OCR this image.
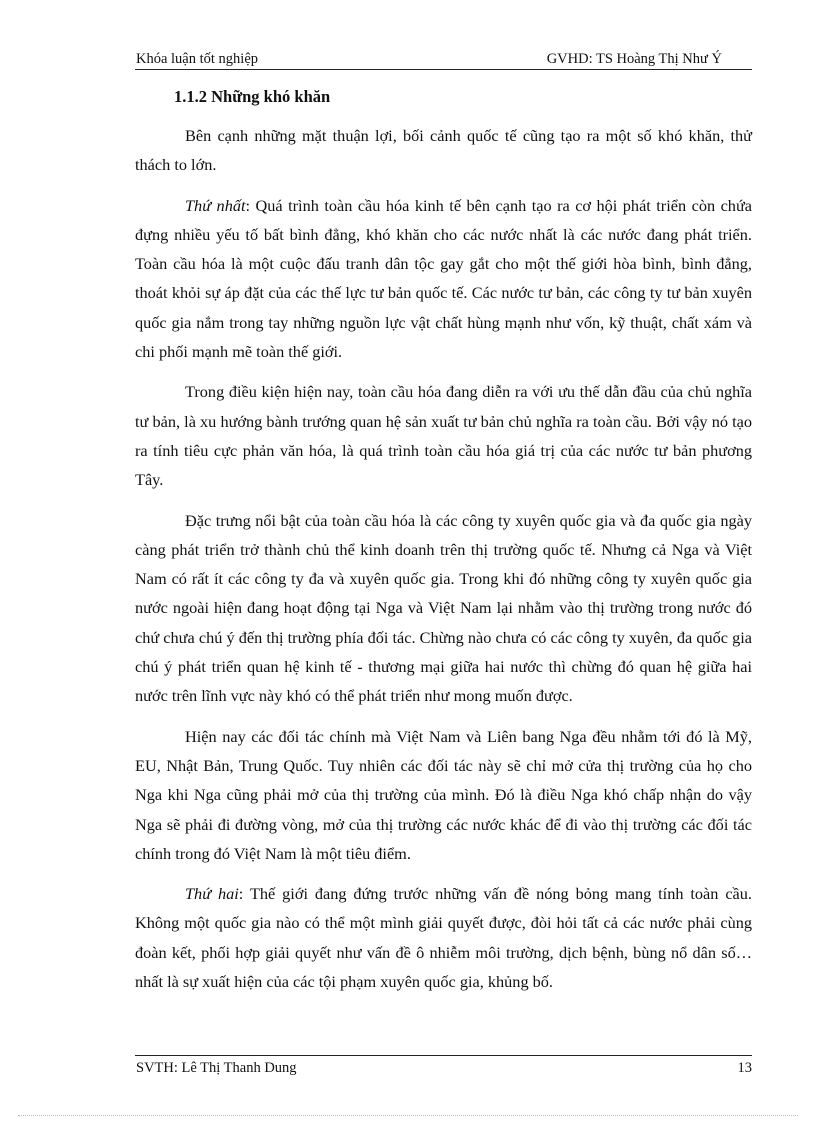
Khóa luận tốt nghiệp	GVHD: TS Hoàng Thị Như Ý
1.1.2 Những khó khăn

Bên cạnh những mặt thuận lợi, bối cảnh quốc tế cũng tạo ra một số khó khăn, thử thách to lớn.

Thứ nhất: Quá trình toàn cầu hóa kinh tế bên cạnh tạo ra cơ hội phát triển còn chứa đựng nhiều yếu tố bất bình đẳng, khó khăn cho các nước nhất là các nước đang phát triển. Toàn cầu hóa là một cuộc đấu tranh dân tộc gay gắt cho một thế giới hòa bình, bình đẳng, thoát khỏi sự áp đặt của các thế lực tư bản quốc tế. Các nước tư bản, các công ty tư bản xuyên quốc gia nắm trong tay những nguồn lực vật chất hùng mạnh như vốn, kỹ thuật, chất xám và chi phối mạnh mẽ toàn thế giới.

Trong điều kiện hiện nay, toàn cầu hóa đang diễn ra với ưu thế dẫn đầu của chủ nghĩa tư bản, là xu hướng bành trướng quan hệ sản xuất tư bản chủ nghĩa ra toàn cầu. Bởi vậy nó tạo ra tính tiêu cực phản văn hóa, là quá trình toàn cầu hóa giá trị của các nước tư bản phương Tây.

Đặc trưng nổi bật của toàn cầu hóa là các công ty xuyên quốc gia và đa quốc gia ngày càng phát triển trở thành chủ thể kinh doanh trên thị trường quốc tế. Nhưng cả Nga và Việt Nam có rất ít các công ty đa và xuyên quốc gia. Trong khi đó những công ty xuyên quốc gia nước ngoài hiện đang hoạt động tại Nga và Việt Nam lại nhằm vào thị trường trong nước đó chứ chưa chú ý đến thị trường phía đối tác. Chừng nào chưa có các công ty xuyên, đa quốc gia chú ý phát triển quan hệ kinh tế - thương mại giữa hai nước thì chừng đó quan hệ giữa hai nước trên lĩnh vực này khó có thể phát triển như mong muốn được.

Hiện nay các đối tác chính mà Việt Nam và Liên bang Nga đều nhằm tới đó là Mỹ, EU, Nhật Bản, Trung Quốc. Tuy nhiên các đối tác này sẽ chỉ mở cửa thị trường của họ cho Nga khi Nga cũng phải mở của thị trường của mình. Đó là điều Nga khó chấp nhận do vậy Nga sẽ phải đi đường vòng, mở của thị trường các nước khác để đi vào thị trường các đối tác chính trong đó Việt Nam là một tiêu điểm.

Thứ hai: Thế giới đang đứng trước những vấn đề nóng bỏng mang tính toàn cầu. Không một quốc gia nào có thể một mình giải quyết được, đòi hỏi tất cả các nước phải cùng đoàn kết, phối hợp giải quyết như vấn đề ô nhiễm môi trường, dịch bệnh, bùng nổ dân số…nhất là sự xuất hiện của các tội phạm xuyên quốc gia, khủng bố.

SVTH: Lê Thị Thanh Dung	13
